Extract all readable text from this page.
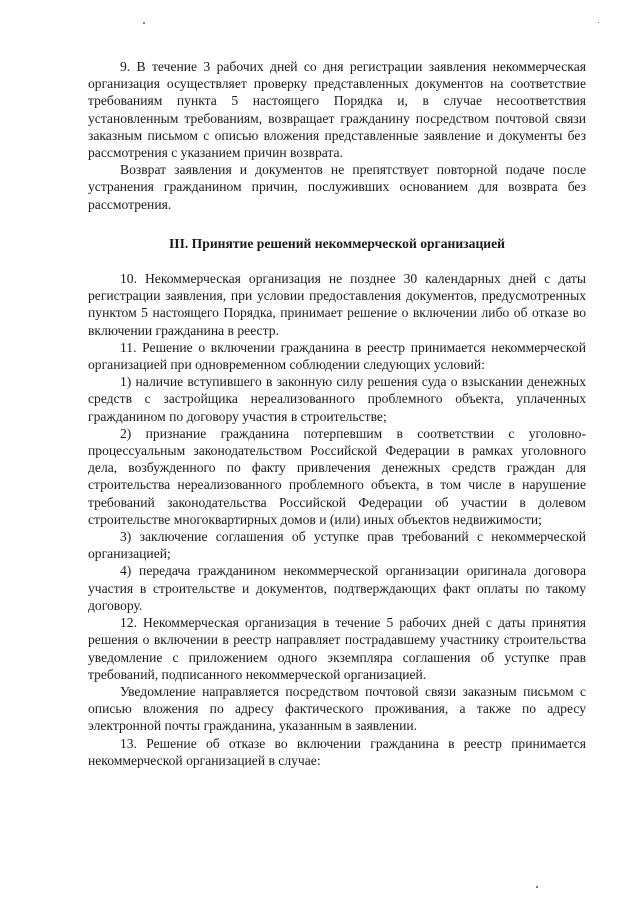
9. В течение 3 рабочих дней со дня регистрации заявления некоммерческая организация осуществляет проверку представленных документов на соответствие требованиям пункта 5 настоящего Порядка и, в случае несоответствия установленным требованиям, возвращает гражданину посредством почтовой связи заказным письмом с описью вложения представленные заявление и документы без рассмотрения с указанием причин возврата.

Возврат заявления и документов не препятствует повторной подаче после устранения гражданином причин, послуживших основанием для возврата без рассмотрения.

III. Принятие решений некоммерческой организацией

10. Некоммерческая организация не позднее 30 календарных дней с даты регистрации заявления, при условии предоставления документов, предусмотренных пунктом 5 настоящего Порядка, принимает решение о включении либо об отказе во включении гражданина в реестр.

11. Решение о включении гражданина в реестр принимается некоммерческой организацией при одновременном соблюдении следующих условий:

1) наличие вступившего в законную силу решения суда о взыскании денежных средств с застройщика нереализованного проблемного объекта, уплаченных гражданином по договору участия в строительстве;

2) признание гражданина потерпевшим в соответствии с уголовно-процессуальным законодательством Российской Федерации в рамках уголовного дела, возбужденного по факту привлечения денежных средств граждан для строительства нереализованного проблемного объекта, в том числе в нарушение требований законодательства Российской Федерации об участии в долевом строительстве многоквартирных домов и (или) иных объектов недвижимости;

3) заключение соглашения об уступке прав требований с некоммерческой организацией;

4) передача гражданином некоммерческой организации оригинала договора участия в строительстве и документов, подтверждающих факт оплаты по такому договору.

12. Некоммерческая организация в течение 5 рабочих дней с даты принятия решения о включении в реестр направляет пострадавшему участнику строительства уведомление с приложением одного экземпляра соглашения об уступке прав требований, подписанного некоммерческой организацией.

Уведомление направляется посредством почтовой связи заказным письмом с описью вложения по адресу фактического проживания, а также по адресу электронной почты гражданина, указанным в заявлении.

13. Решение об отказе во включении гражданина в реестр принимается некоммерческой организацией в случае:
